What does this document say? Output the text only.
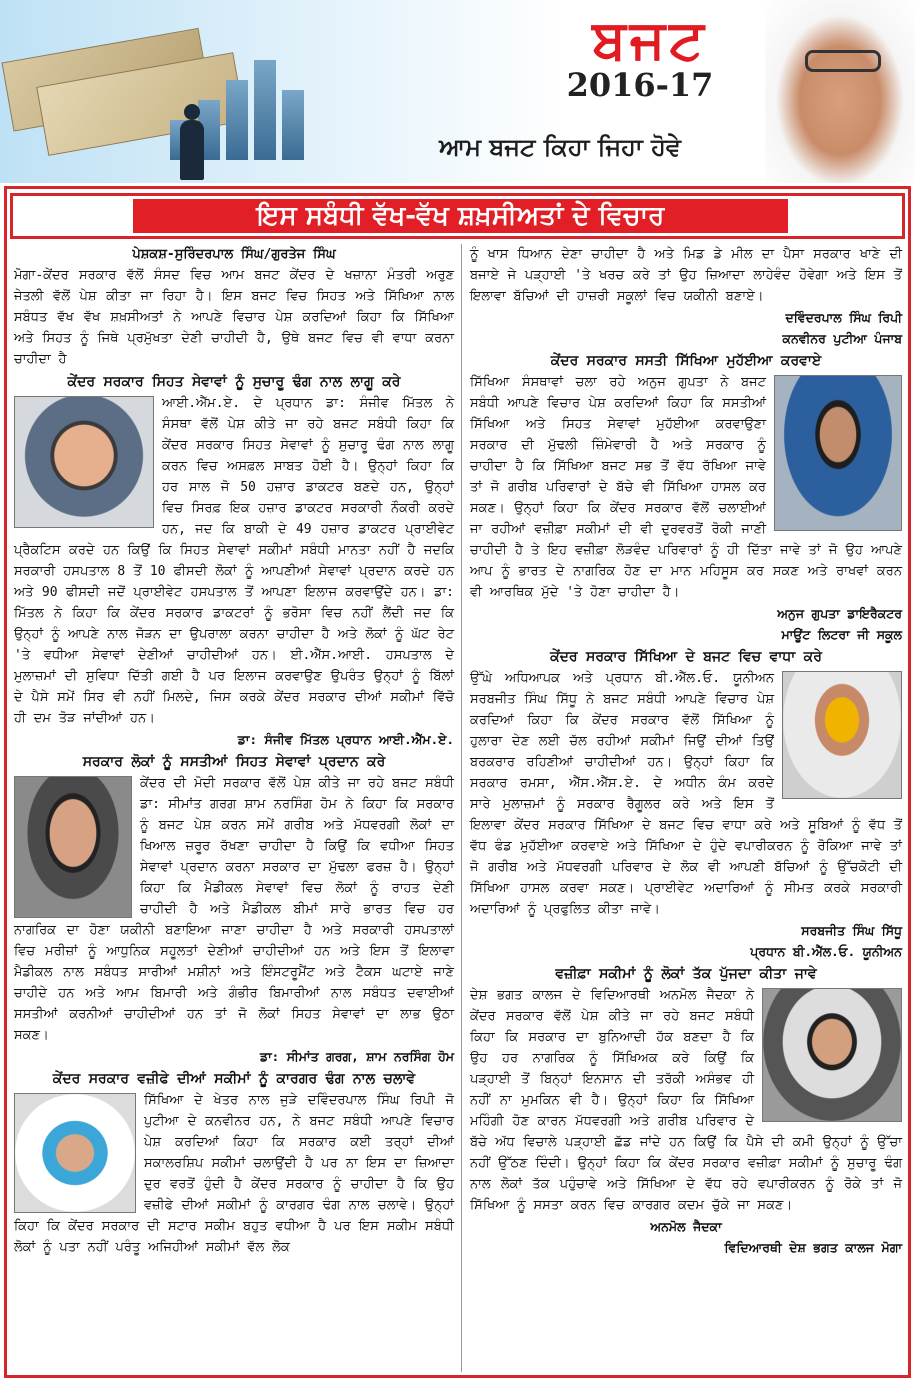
ਬਜਟ
2016-17
ਆਮ ਬਜਟ ਕਿਹਾ ਜਿਹਾ ਹੋਵੇ
ਇਸ ਸਬੰਧੀ ਵੱਖ-ਵੱਖ ਸ਼ਖ਼ਸੀਅਤਾਂ ਦੇ ਵਿਚਾਰ
ਪੇਸ਼ਕਸ਼-ਸੁਰਿੰਦਰਪਾਲ ਸਿੰਘ/ਗੁਰਤੇਜ ਸਿੰਘ

ਮੋਗਾ-ਕੇਂਦਰ ਸਰਕਾਰ ਵੱਲੋਂ ਸੰਸਦ ਵਿਚ ਆਮ ਬਜਟ ਕੇਂਦਰ ਦੇ ਖਜ਼ਾਨਾ ਮੰਤਰੀ ਅਰੁਣ ਜੇਤਲੀ ਵੱਲੋਂ ਪੇਸ਼ ਕੀਤਾ ਜਾ ਰਿਹਾ ਹੈ। ਇਸ ਬਜਟ ਵਿਚ ਸਿਹਤ ਅਤੇ ਸਿੱਖਿਆ ਨਾਲ ਸਬੰਧਤ ਵੱਖ ਵੱਖ ਸ਼ਖ਼ਸੀਅਤਾਂ ਨੇ ਆਪਣੇ ਵਿਚਾਰ ਪੇਸ਼ ਕਰਦਿਆਂ ਕਿਹਾ ਕਿ ਸਿੱਖਿਆ ਅਤੇ ਸਿਹਤ ਨੂੰ ਜਿਥੇ ਪ੍ਰਮੁੱਖਤਾ ਦੇਣੀ ਚਾਹੀਦੀ ਹੈ, ਉਥੇ ਬਜਟ ਵਿਚ ਵੀ ਵਾਧਾ ਕਰਨਾ ਚਾਹੀਦਾ ਹੈ

ਕੇਂਦਰ ਸਰਕਾਰ ਸਿਹਤ ਸੇਵਾਵਾਂ ਨੂੰ ਸੁਚਾਰੂ ਢੰਗ ਨਾਲ ਲਾਗੂ ਕਰੇ

ਆਈ.ਐੱਮ.ਏ. ਦੇ ਪ੍ਰਧਾਨ ਡਾ: ਸੰਜੀਵ ਮਿੱਤਲ ਨੇ ਸੰਸਥਾ ਵੱਲੋਂ ਪੇਸ਼ ਕੀਤੇ ਜਾ ਰਹੇ ਬਜਟ ਸਬੰਧੀ ਕਿਹਾ ਕਿ ਕੇਂਦਰ ਸਰਕਾਰ ਸਿਹਤ ਸੇਵਾਵਾਂ ਨੂੰ ਸੁਚਾਰੂ ਢੰਗ ਨਾਲ ਲਾਗੂ ਕਰਨ ਵਿਚ ਅਸਫ਼ਲ ਸਾਬਤ ਹੋਈ ਹੈ। ਉਨ੍ਹਾਂ ਕਿਹਾ ਕਿ ਹਰ ਸਾਲ ਜੋ 50 ਹਜ਼ਾਰ ਡਾਕਟਰ ਬਣਦੇ ਹਨ, ਉਨ੍ਹਾਂ ਵਿਚ ਸਿਰਫ਼ ਇਕ ਹਜ਼ਾਰ ਡਾਕਟਰ ਸਰਕਾਰੀ ਨੌਕਰੀ ਕਰਦੇ ਹਨ, ਜਦ ਕਿ ਬਾਕੀ ਦੇ 49 ਹਜ਼ਾਰ ਡਾਕਟਰ ਪ੍ਰਾਈਵੇਟ ਪ੍ਰੈਕਟਿਸ ਕਰਦੇ ਹਨ ਕਿਉਂ ਕਿ ਸਿਹਤ ਸੇਵਾਵਾਂ ਸਕੀਮਾਂ ਸਬੰਧੀ ਮਾਨਤਾ ਨਹੀਂ ਹੈ ਜਦਕਿ ਸਰਕਾਰੀ ਹਸਪਤਾਲ 8 ਤੋਂ 10 ਫੀਸਦੀ ਲੋਕਾਂ ਨੂੰ ਆਪਣੀਆਂ ਸੇਵਾਵਾਂ ਪ੍ਰਦਾਨ ਕਰਦੇ ਹਨ ਅਤੇ 90 ਫੀਸਦੀ ਜਦੋਂ ਪ੍ਰਾਈਵੇਟ ਹਸਪਤਾਲ ਤੋਂ ਆਪਣਾ ਇਲਾਜ ਕਰਵਾਉਂਦੇ ਹਨ। ਡਾ: ਮਿੱਤਲ ਨੇ ਕਿਹਾ ਕਿ ਕੇਂਦਰ ਸਰਕਾਰ ਡਾਕਟਰਾਂ ਨੂੰ ਭਰੋਸਾ ਵਿਚ ਨਹੀਂ ਲੈਂਦੀ ਜਦ ਕਿ ਉਨ੍ਹਾਂ ਨੂੰ ਆਪਣੇ ਨਾਲ ਜੋੜਨ ਦਾ ਉਪਰਾਲਾ ਕਰਨਾ ਚਾਹੀਦਾ ਹੈ ਅਤੇ ਲੋਕਾਂ ਨੂੰ ਘੱਟ ਰੇਟ 'ਤੇ ਵਧੀਆ ਸੇਵਾਵਾਂ ਦੇਣੀਆਂ ਚਾਹੀਦੀਆਂ ਹਨ। ਈ.ਐੱਸ.ਆਈ. ਹਸਪਤਾਲ ਦੇ ਮੁਲਾਜ਼ਮਾਂ ਦੀ ਸੁਵਿਧਾ ਦਿੱਤੀ ਗਈ ਹੈ ਪਰ ਇਲਾਜ ਕਰਵਾਉਣ ਉਪਰੰਤ ਉਨ੍ਹਾਂ ਨੂੰ ਬਿੱਲਾਂ ਦੇ ਪੈਸੇ ਸਮੇਂ ਸਿਰ ਵੀ ਨਹੀਂ ਮਿਲਦੇ, ਜਿਸ ਕਰਕੇ ਕੇਂਦਰ ਸਰਕਾਰ ਦੀਆਂ ਸਕੀਮਾਂ ਵਿੱਚੋ ਹੀ ਦਮ ਤੋੜ ਜਾਂਦੀਆਂ ਹਨ।

ਡਾ: ਸੰਜੀਵ ਮਿੱਤਲ ਪ੍ਰਧਾਨ ਆਈ.ਐੱਮ.ਏ.
ਸਰਕਾਰ ਲੋਕਾਂ ਨੂੰ ਸਸਤੀਆਂ ਸਿਹਤ ਸੇਵਾਵਾਂ ਪ੍ਰਦਾਨ ਕਰੇ

ਕੇਂਦਰ ਦੀ ਮੋਦੀ ਸਰਕਾਰ ਵੱਲੋਂ ਪੇਸ਼ ਕੀਤੇ ਜਾ ਰਹੇ ਬਜਟ ਸਬੰਧੀ ਡਾ: ਸੀਮਾਂਤ ਗਰਗ ਸ਼ਾਮ ਨਰਸਿੰਗ ਹੋਮ ਨੇ ਕਿਹਾ ਕਿ ਸਰਕਾਰ ਨੂੰ ਬਜਟ ਪੇਸ਼ ਕਰਨ ਸਮੇਂ ਗਰੀਬ ਅਤੇ ਮੱਧਵਰਗੀ ਲੋਕਾਂ ਦਾ ਖਿਆਲ ਜ਼ਰੂਰ ਰੱਖਣਾ ਚਾਹੀਦਾ ਹੈ ਕਿਉਂ ਕਿ ਵਧੀਆ ਸਿਹਤ ਸੇਵਾਵਾਂ ਪ੍ਰਦਾਨ ਕਰਨਾ ਸਰਕਾਰ ਦਾ ਮੁੱਢਲਾ ਫਰਜ਼ ਹੈ। ਉਨ੍ਹਾਂ ਕਿਹਾ ਕਿ ਮੈਡੀਕਲ ਸੇਵਾਵਾਂ ਵਿਚ ਲੋਕਾਂ ਨੂੰ ਰਾਹਤ ਦੇਣੀ ਚਾਹੀਦੀ ਹੈ ਅਤੇ ਮੈਡੀਕਲ ਬੀਮਾਂ ਸਾਰੇ ਭਾਰਤ ਵਿਚ ਹਰ ਨਾਗਰਿਕ ਦਾ ਹੋਣਾ ਯਕੀਨੀ ਬਣਾਇਆ ਜਾਣਾ ਚਾਹੀਦਾ ਹੈ ਅਤੇ ਸਰਕਾਰੀ ਹਸਪਤਾਲਾਂ ਵਿਚ ਮਰੀਜ਼ਾਂ ਨੂੰ ਆਧੁਨਿਕ ਸਹੂਲਤਾਂ ਦੇਣੀਆਂ ਚਾਹੀਦੀਆਂ ਹਨ ਅਤੇ ਇਸ ਤੋਂ ਇਲਾਵਾ ਮੈਡੀਕਲ ਨਾਲ ਸਬੰਧਤ ਸਾਰੀਆਂ ਮਸ਼ੀਨਾਂ ਅਤੇ ਇੰਸਟਰੂਮੈਂਟ ਅਤੇ ਟੈਕਸ ਘਟਾਏ ਜਾਣੇ ਚਾਹੀਦੇ ਹਨ ਅਤੇ ਆਮ ਬਿਮਾਰੀ ਅਤੇ ਗੰਭੀਰ ਬਿਮਾਰੀਆਂ ਨਾਲ ਸਬੰਧਤ ਦਵਾਈਆਂ ਸਸਤੀਆਂ ਕਰਨੀਆਂ ਚਾਹੀਦੀਆਂ ਹਨ ਤਾਂ ਜੋ ਲੋਕਾਂ ਸਿਹਤ ਸੇਵਾਵਾਂ ਦਾ ਲਾਭ ਉਠਾ ਸਕਣ।

ਡਾ: ਸੀਮਾਂਤ ਗਰਗ, ਸ਼ਾਮ ਨਰਸਿੰਗ ਹੋਮ
ਕੇਂਦਰ ਸਰਕਾਰ ਵਜ਼ੀਫੇ ਦੀਆਂ ਸਕੀਮਾਂ ਨੂੰ ਕਾਰਗਰ ਢੰਗ ਨਾਲ ਚਲਾਵੇ

ਸਿੱਖਿਆ ਦੇ ਖੇਤਰ ਨਾਲ ਜੁੜੇ ਦਵਿੰਦਰਪਾਲ ਸਿੰਘ ਰਿਪੀ ਜੋ ਪੁਟੀਆ ਦੇ ਕਨਵੀਨਰ ਹਨ, ਨੇ ਬਜਟ ਸਬੰਧੀ ਆਪਣੇ ਵਿਚਾਰ ਪੇਸ਼ ਕਰਦਿਆਂ ਕਿਹਾ ਕਿ ਸਰਕਾਰ ਕਈ ਤਰ੍ਹਾਂ ਦੀਆਂ ਸਕਾਲਰਸ਼ਿਪ ਸਕੀਮਾਂ ਚਲਾਉਂਦੀ ਹੈ ਪਰ ਨਾ ਇਸ ਦਾ ਜ਼ਿਆਦਾ ਦੁਰ ਵਰਤੋਂ ਹੁੰਦੀ ਹੈ ਕੇਂਦਰ ਸਰਕਾਰ ਨੂੰ ਚਾਹੀਦਾ ਹੈ ਕਿ ਉਹ ਵਜ਼ੀਫੇ ਦੀਆਂ ਸਕੀਮਾਂ ਨੂੰ ਕਾਰਗਰ ਢੰਗ ਨਾਲ ਚਲਾਵੇ। ਉਨ੍ਹਾਂ ਕਿਹਾ ਕਿ ਕੇਂਦਰ ਸਰਕਾਰ ਦੀ ਸਟਾਰ ਸਕੀਮ ਬਹੁਤ ਵਧੀਆ ਹੈ ਪਰ ਇਸ ਸਕੀਮ ਸਬੰਧੀ ਲੋਕਾਂ ਨੂੰ ਪਤਾ ਨਹੀਂ ਪਰੰਤੂ ਅਜਿਹੀਆਂ ਸਕੀਮਾਂ ਵੱਲ ਲੋਕ

ਨੂੰ ਖਾਸ ਧਿਆਨ ਦੇਣਾ ਚਾਹੀਦਾ ਹੈ ਅਤੇ ਮਿਡ ਡੇ ਮੀਲ ਦਾ ਪੈਸਾ ਸਰਕਾਰ ਖਾਣੇ ਦੀ ਬਜਾਏ ਜੇ ਪੜ੍ਹਾਈ 'ਤੇ ਖਰਚ ਕਰੇ ਤਾਂ ਉਹ ਜ਼ਿਆਦਾ ਲਾਹੇਵੰਦ ਹੋਵੇਗਾ ਅਤੇ ਇਸ ਤੋਂ ਇਲਾਵਾ ਬੱਚਿਆਂ ਦੀ ਹਾਜ਼ਰੀ ਸਕੂਲਾਂ ਵਿਚ ਯਕੀਨੀ ਬਣਾਏ।

ਦਵਿੰਦਰਪਾਲ ਸਿੰਘ ਰਿਪੀ
ਕਨਵੀਨਰ ਪੁਟੀਆ ਪੰਜਾਬ
ਕੇਂਦਰ ਸਰਕਾਰ ਸਸਤੀ ਸਿੱਖਿਆ ਮੁਹੱਈਆ ਕਰਵਾਏ

ਸਿੱਖਿਆ ਸੰਸਥਾਵਾਂ ਚਲਾ ਰਹੇ ਅਨੁਜ ਗੁਪਤਾ ਨੇ ਬਜਟ ਸਬੰਧੀ ਆਪਣੇ ਵਿਚਾਰ ਪੇਸ਼ ਕਰਦਿਆਂ ਕਿਹਾ ਕਿ ਸਸਤੀਆਂ ਸਿੱਖਿਆ ਅਤੇ ਸਿਹਤ ਸੇਵਾਵਾਂ ਮੁਹੱਈਆ ਕਰਵਾਉਣਾ ਸਰਕਾਰ ਦੀ ਮੁੱਢਲੀ ਜ਼ਿੰਮੇਵਾਰੀ ਹੈ ਅਤੇ ਸਰਕਾਰ ਨੂੰ ਚਾਹੀਦਾ ਹੈ ਕਿ ਸਿੱਖਿਆ ਬਜਟ ਸਭ ਤੋਂ ਵੱਧ ਰੱਖਿਆ ਜਾਵੇ ਤਾਂ ਜੋ ਗਰੀਬ ਪਰਿਵਾਰਾਂ ਦੇ ਬੱਚੇ ਵੀ ਸਿੱਖਿਆ ਹਾਸਲ ਕਰ ਸਕਣ। ਉਨ੍ਹਾਂ ਕਿਹਾ ਕਿ ਕੇਂਦਰ ਸਰਕਾਰ ਵੱਲੋਂ ਚਲਾਈਆਂ ਜਾ ਰਹੀਆਂ ਵਜ਼ੀਫ਼ਾ ਸਕੀਮਾਂ ਦੀ ਵੀ ਦੁਰਵਰਤੋਂ ਰੋਕੀ ਜਾਣੀ ਚਾਹੀਦੀ ਹੈ ਤੇ ਇਹ ਵਜ਼ੀਫ਼ਾ ਲੋੜਵੰਦ ਪਰਿਵਾਰਾਂ ਨੂੰ ਹੀ ਦਿੱਤਾ ਜਾਵੇ ਤਾਂ ਜੋ ਉਹ ਆਪਣੇ ਆਪ ਨੂੰ ਭਾਰਤ ਦੇ ਨਾਗਰਿਕ ਹੋਣ ਦਾ ਮਾਨ ਮਹਿਸੂਸ ਕਰ ਸਕਣ ਅਤੇ ਰਾਖਵਾਂ ਕਰਨ ਵੀ ਆਰਥਿਕ ਮੁੱਦੇ 'ਤੇ ਹੋਣਾ ਚਾਹੀਦਾ ਹੈ।

ਅਨੁਜ ਗੁਪਤਾ ਡਾਇਰੈਕਟਰ
ਮਾਊਂਟ ਲਿਟਰਾ ਜੀ ਸਕੂਲ
ਕੇਂਦਰ ਸਰਕਾਰ ਸਿੱਖਿਆ ਦੇ ਬਜਟ ਵਿਚ ਵਾਧਾ ਕਰੇ

ਉੱਘੇ ਅਧਿਆਪਕ ਅਤੇ ਪ੍ਰਧਾਨ ਬੀ.ਐੱਲ.ਓ. ਯੂਨੀਅਨ ਸਰਬਜੀਤ ਸਿੰਘ ਸਿੱਧੂ ਨੇ ਬਜਟ ਸਬੰਧੀ ਆਪਣੇ ਵਿਚਾਰ ਪੇਸ਼ ਕਰਦਿਆਂ ਕਿਹਾ ਕਿ ਕੇਂਦਰ ਸਰਕਾਰ ਵੱਲੋਂ ਸਿੱਖਿਆ ਨੂੰ ਹੁਲਾਰਾ ਦੇਣ ਲਈ ਚੱਲ ਰਹੀਆਂ ਸਕੀਮਾਂ ਜਿਉਂ ਦੀਆਂ ਤਿਉਂ ਬਰਕਰਾਰ ਰਹਿਣੀਆਂ ਚਾਹੀਦੀਆਂ ਹਨ। ਉਨ੍ਹਾਂ ਕਿਹਾ ਕਿ ਸਰਕਾਰ ਰਮਸਾ, ਐੱਸ.ਐੱਸ.ਏ. ਦੇ ਅਧੀਨ ਕੰਮ ਕਰਦੇ ਸਾਰੇ ਮੁਲਾਜ਼ਮਾਂ ਨੂੰ ਸਰਕਾਰ ਰੈਗੂਲਰ ਕਰੇ ਅਤੇ ਇਸ ਤੋਂ ਇਲਾਵਾ ਕੇਂਦਰ ਸਰਕਾਰ ਸਿੱਖਿਆ ਦੇ ਬਜਟ ਵਿਚ ਵਾਧਾ ਕਰੇ ਅਤੇ ਸੂਬਿਆਂ ਨੂੰ ਵੱਧ ਤੋਂ ਵੱਧ ਫੰਡ ਮੁਹੱਈਆ ਕਰਵਾਏ ਅਤੇ ਸਿੱਖਿਆ ਦੇ ਹੁੰਦੇ ਵਪਾਰੀਕਰਨ ਨੂੰ ਰੋਕਿਆ ਜਾਵੇ ਤਾਂ ਜੋ ਗਰੀਬ ਅਤੇ ਮੱਧਵਰਗੀ ਪਰਿਵਾਰ ਦੇ ਲੋਕ ਵੀ ਆਪਣੀ ਬੱਚਿਆਂ ਨੂੰ ਉੱਚਕੋਟੀ ਦੀ ਸਿੱਖਿਆ ਹਾਸਲ ਕਰਵਾ ਸਕਣ। ਪ੍ਰਾਈਵੇਟ ਅਦਾਰਿਆਂ ਨੂੰ ਸੀਮਤ ਕਰਕੇ ਸਰਕਾਰੀ ਅਦਾਰਿਆਂ ਨੂੰ ਪ੍ਰਫੁਲਿਤ ਕੀਤਾ ਜਾਵੇ।

ਸਰਬਜੀਤ ਸਿੰਘ ਸਿੱਧੂ
ਪ੍ਰਧਾਨ ਬੀ.ਐੱਲ.ਓ. ਯੂਨੀਅਨ
ਵਜ਼ੀਫ਼ਾ ਸਕੀਮਾਂ ਨੂੰ ਲੋਕਾਂ ਤੱਕ ਪੁੱਜਦਾ ਕੀਤਾ ਜਾਵੇ

ਦੇਸ਼ ਭਗਤ ਕਾਲਜ ਦੇ ਵਿਦਿਆਰਥੀ ਅਨਮੋਲ ਜੈਦਕਾ ਨੇ ਕੇਂਦਰ ਸਰਕਾਰ ਵੱਲੋਂ ਪੇਸ਼ ਕੀਤੇ ਜਾ ਰਹੇ ਬਜਟ ਸਬੰਧੀ ਕਿਹਾ ਕਿ ਸਰਕਾਰ ਦਾ ਬੁਨਿਆਦੀ ਹੱਕ ਬਣਦਾ ਹੈ ਕਿ ਉਹ ਹਰ ਨਾਗਰਿਕ ਨੂੰ ਸਿੱਖਿਅਕ ਕਰੇ ਕਿਉਂ ਕਿ ਪੜ੍ਹਾਈ ਤੋਂ ਬਿਨ੍ਹਾਂ ਇਨਸਾਨ ਦੀ ਤਰੱਕੀ ਅਸੰਭਵ ਹੀ ਨਹੀਂ ਨਾ ਮੁਮਕਿਨ ਵੀ ਹੈ। ਉਨ੍ਹਾਂ ਕਿਹਾ ਕਿ ਸਿੱਖਿਆ ਮਹਿੰਗੀ ਹੋਣ ਕਾਰਨ ਮੱਧਵਰਗੀ ਅਤੇ ਗਰੀਬ ਪਰਿਵਾਰ ਦੇ ਬੱਚੇ ਅੱਧ ਵਿਚਾਲੇ ਪੜ੍ਹਾਈ ਛੱਡ ਜਾਂਦੇ ਹਨ ਕਿਉਂ ਕਿ ਪੈਸੇ ਦੀ ਕਮੀ ਉਨ੍ਹਾਂ ਨੂੰ ਉੱਚਾ ਨਹੀਂ ਉੱਠਣ ਦਿੰਦੀ। ਉਨ੍ਹਾਂ ਕਿਹਾ ਕਿ ਕੇਂਦਰ ਸਰਕਾਰ ਵਜ਼ੀਫ਼ਾ ਸਕੀਮਾਂ ਨੂੰ ਸੁਚਾਰੂ ਢੰਗ ਨਾਲ ਲੋਕਾਂ ਤੱਕ ਪਹੁੰਚਾਵੇ ਅਤੇ ਸਿੱਖਿਆ ਦੇ ਵੱਧ ਰਹੇ ਵਪਾਰੀਕਰਨ ਨੂੰ ਰੋਕੇ ਤਾਂ ਜੋ ਸਿੱਖਿਆ ਨੂੰ ਸਸਤਾ ਕਰਨ ਵਿਚ ਕਾਰਗਰ ਕਦਮ ਚੁੱਕੇ ਜਾ ਸਕਣ।

ਅਨਮੋਲ ਜੈਦਕਾ
ਵਿਦਿਆਰਥੀ ਦੇਸ਼ ਭਗਤ ਕਾਲਜ ਮੋਗਾ
